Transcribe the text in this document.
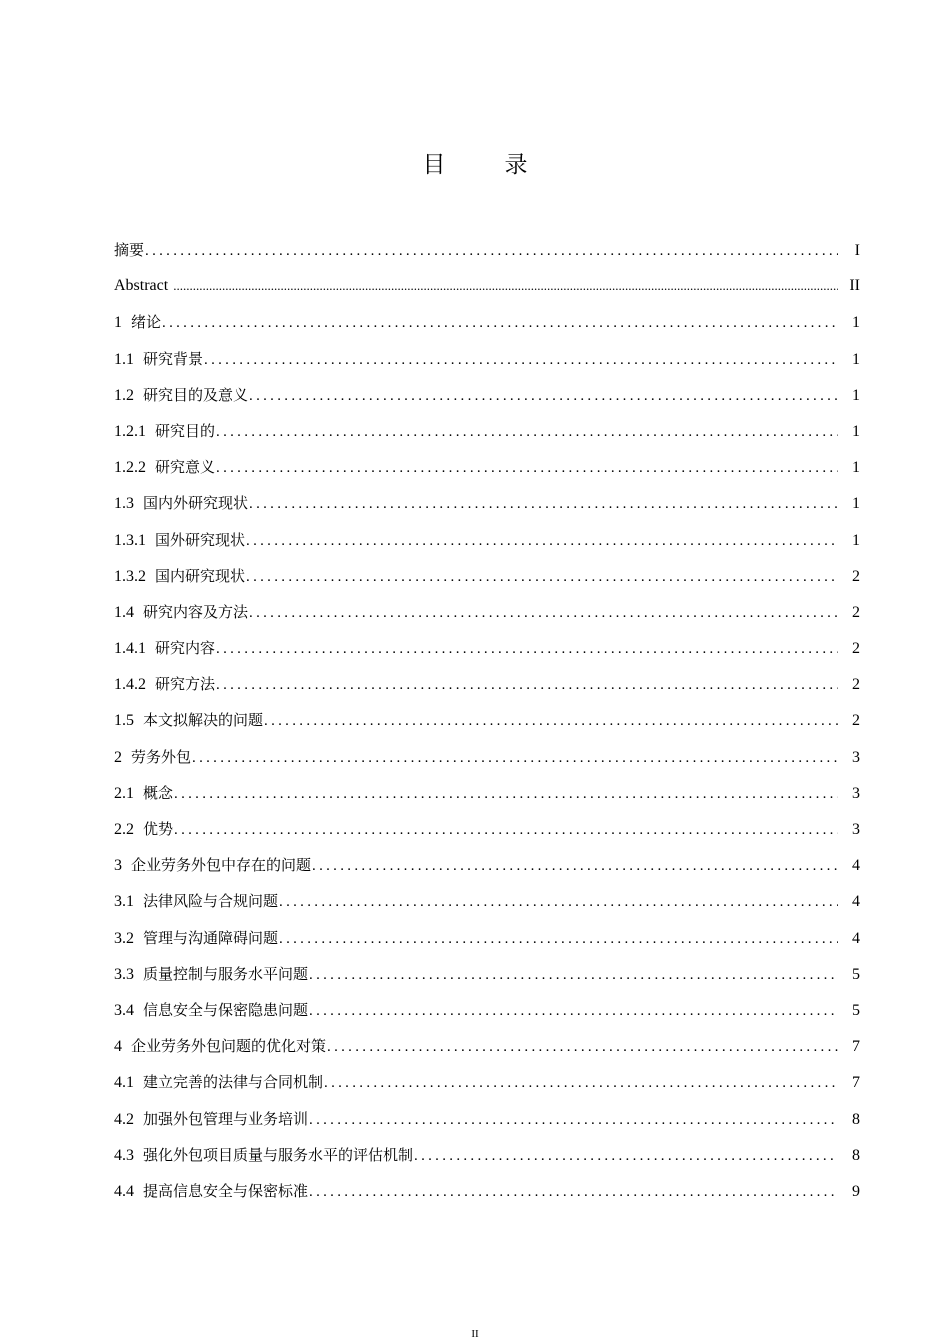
目　录
摘要 .....	I
Abstract .....	II
1 绪论 .....	1
1.1 研究背景 .....	1
1.2 研究目的及意义 .....	1
1.2.1 研究目的 .....	1
1.2.2 研究意义 .....	1
1.3 国内外研究现状 .....	1
1.3.1 国外研究现状 .....	1
1.3.2 国内研究现状 .....	2
1.4 研究内容及方法 .....	2
1.4.1 研究内容 .....	2
1.4.2 研究方法 .....	2
1.5 本文拟解决的问题 .....	2
2 劳务外包 .....	3
2.1 概念 .....	3
2.2 优势 .....	3
3 企业劳务外包中存在的问题 .....	4
3.1 法律风险与合规问题 .....	4
3.2 管理与沟通障碍问题 .....	4
3.3 质量控制与服务水平问题 .....	5
3.4 信息安全与保密隐患问题 .....	5
4 企业劳务外包问题的优化对策 .....	7
4.1 建立完善的法律与合同机制 .....	7
4.2 加强外包管理与业务培训 .....	8
4.3 强化外包项目质量与服务水平的评估机制 .....	8
4.4 提高信息安全与保密标准 .....	9
II
